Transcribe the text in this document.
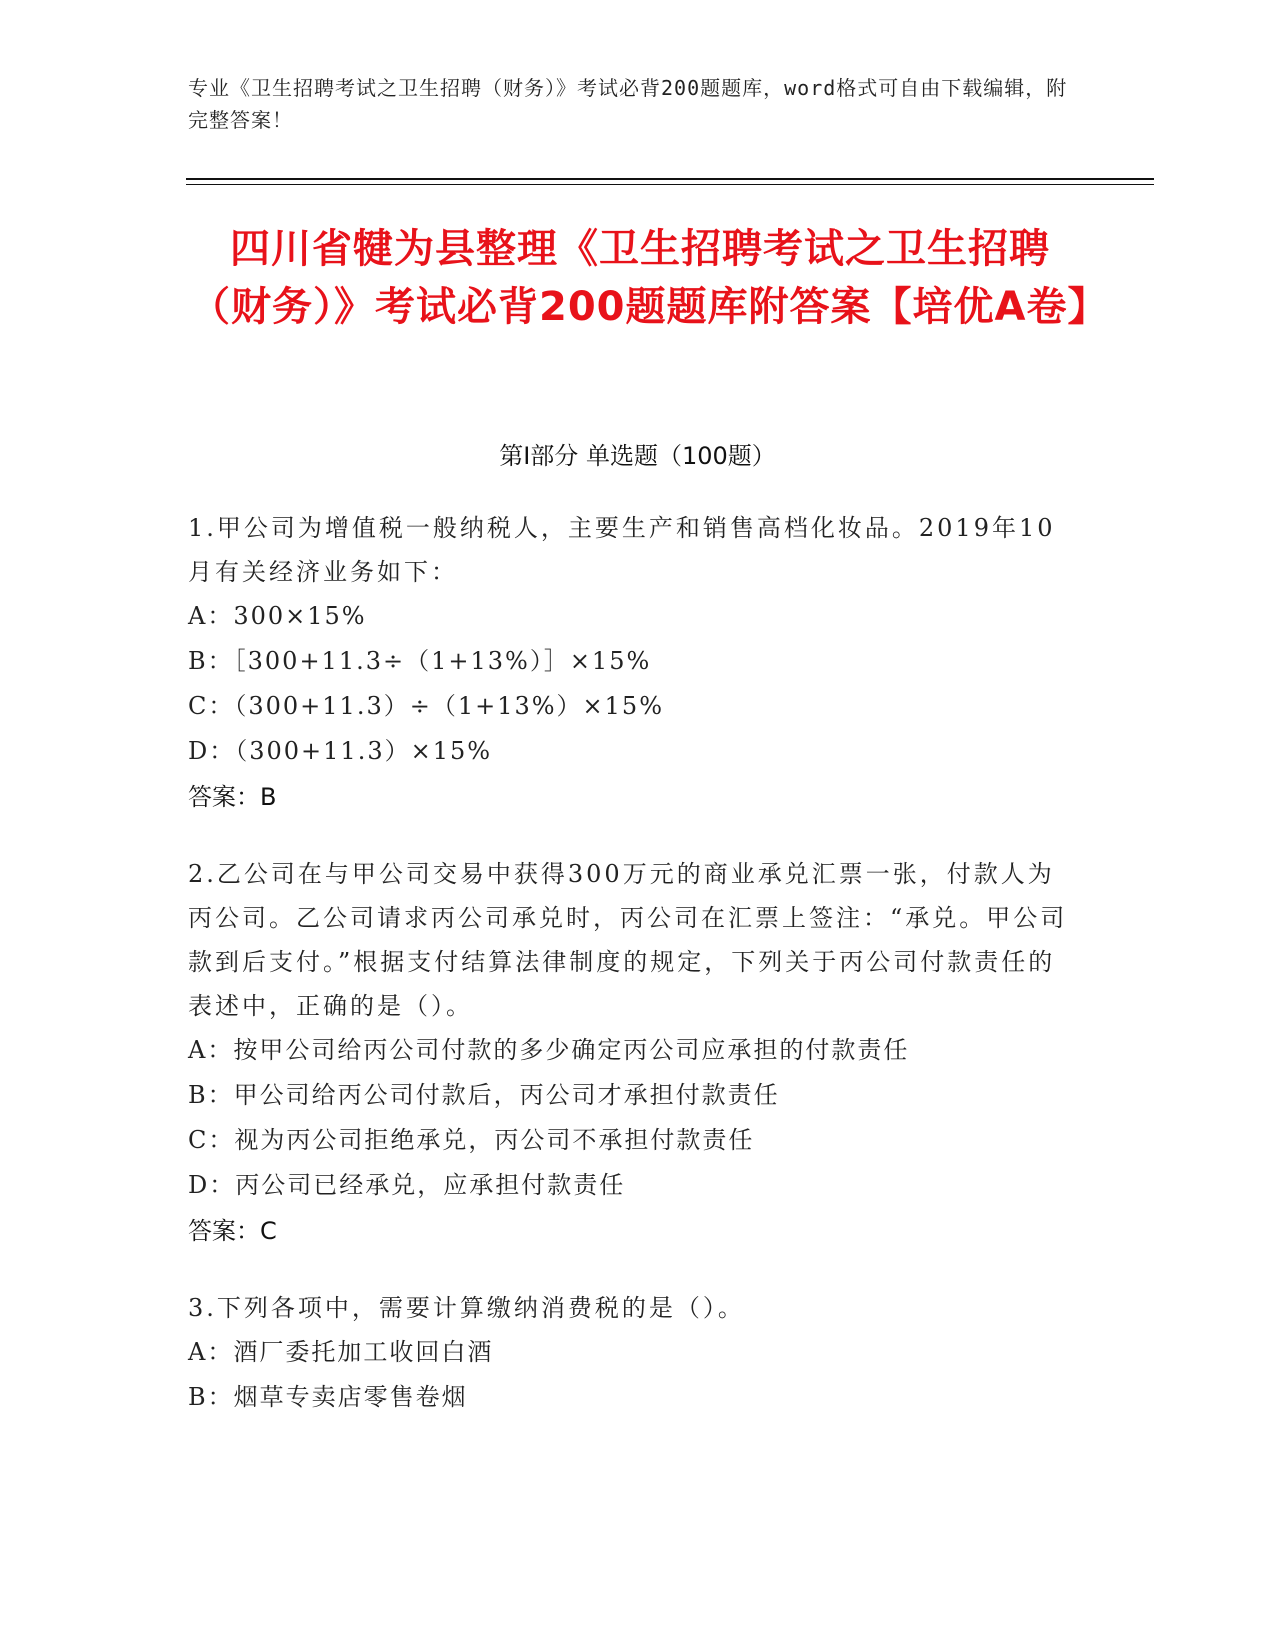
专业《卫生招聘考试之卫生招聘（财务）》考试必背200题题库，word格式可自由下载编辑，附完整答案！
四川省犍为县整理《卫生招聘考试之卫生招聘（财务）》考试必背200题题库附答案【培优A卷】
第I部分 单选题（100题）

1.甲公司为增值税一般纳税人，主要生产和销售高档化妆品。2019年10月有关经济业务如下：

A：300×15%

B：［300+11.3÷（1+13%）］×15%

C：（300+11.3）÷（1+13%）×15%

D：（300+11.3）×15%

答案：B

2.乙公司在与甲公司交易中获得300万元的商业承兑汇票一张，付款人为丙公司。乙公司请求丙公司承兑时，丙公司在汇票上签注：“承兑。甲公司款到后支付。”根据支付结算法律制度的规定，下列关于丙公司付款责任的表述中，正确的是（）。

A：按甲公司给丙公司付款的多少确定丙公司应承担的付款责任

B：甲公司给丙公司付款后，丙公司才承担付款责任

C：视为丙公司拒绝承兑，丙公司不承担付款责任

D：丙公司已经承兑，应承担付款责任

答案：C

3.下列各项中，需要计算缴纳消费税的是（）。

A：酒厂委托加工收回白酒

B：烟草专卖店零售卷烟
